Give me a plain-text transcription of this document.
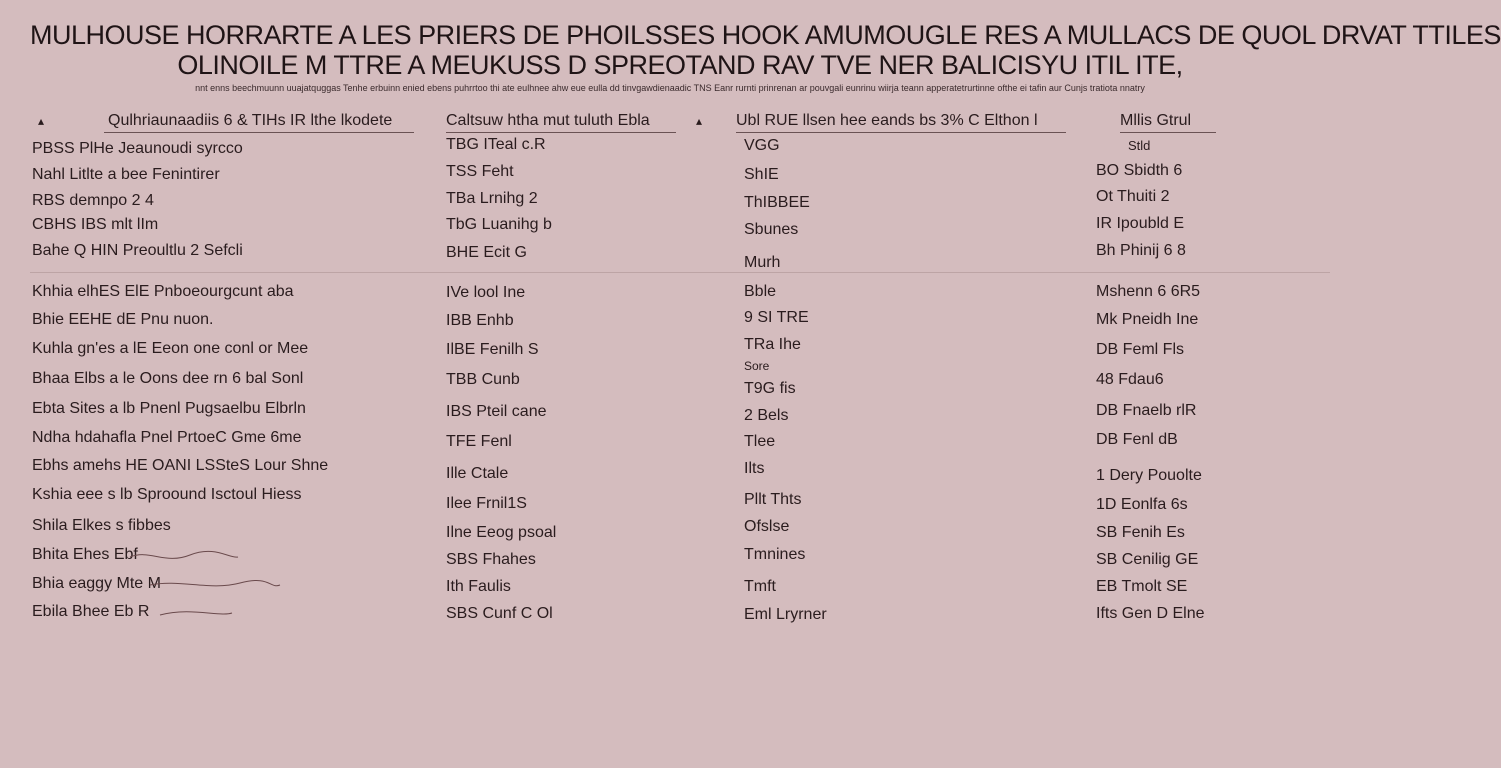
MULHOUSE HORRARTE A LES PRIERS DE PHOILSSES HOOK AMUMOUGLE RES A MULLACS DE QUOL DRVAT TTILES
OLINOILE M TTRE A MEUKUSS D SPREOTAND RAV TVE NER BALICISYU ITIL ITE,
nnt enns beechmuunn uuajatquggas Tenhe erbuinn enied ebens puhrrtoo thi ate eulhnee ahw eue eulla dd tinvgawdienaadic TNS Eanr rurnti prinrenan ar pouvgali eunrinu wiirja teann apperatetrurtinne ofthe ei tafin aur Cunjs tratiota nnatry
▴	Qulhriaunaadiis 6 & TIHs IR lthe lkodete
PBSS PlHe Jeaunoudi syrcco
Nahl Litlte a bee Fenintirer
RBS demnpo 2 4
CBHS IBS mlt lIm
Bahe Q HIN Preoultlu 2 Sefcli
Khhia elhES ElE Pnboeourgcunt aba
Bhie EEHE dE Pnu nuon.
Kuhla gn'es a lE Eeon one conl or Mee
Bhaa Elbs a le Oons dee rn 6 bal Sonl
Ebta Sites a lb Pnenl Pugsaelbu Elbrln
Ndha hdahafla Pnel PrtoeC Gme 6me
Ebhs amehs HE OANI LSSteS Lour Shne
Kshia eee s lb Sproound Isctoul Hiess
Shila Elkes s fibbes
Bhita Ehes Ebf
Bhia eaggy Mte M
Ebila Bhee Eb R
Caltsuw htha mut tuluth Ebla
TBG ITeal c.R
TSS Feht
TBa Lrnihg 2
TbG Luanihg b
BHE Ecit G
IVe lool Ine
IBB Enhb
IlBE Fenilh S
TBB Cunb
IBS Pteil cane
TFE Fenl
Ille Ctale
Ilee Frnil1S
Ilne Eeog psoal
SBS Fhahes
Ith Faulis
SBS Cunf C Ol
▴ Ubl RUE llsen hee eands bs 3% C Elthon l
VGG
ShIE
ThIBBEE
Sbunes
Murh
Bble
9 SI TRE
TRa Ihe
Sore
T9G fis
2 Bels
Tlee
Ilts
Pllt Thts
Ofslse
Tmnines
Tmft
Eml Lryrner
Mllis Gtrul
Stld
BO Sbidth 6
Ot Thuiti 2
IR Ipoubld E
Bh Phinij 6 8
Mshenn 6 6R5
Mk Pneidh Ine
DB Feml Fls
48 Fdau6
DB Fnaelb rlR
DB Fenl dB
1 Dery Pouolte
1D Eonlfa 6s
SB Fenih Es
SB Cenilig GE
EB Tmolt SE
Ifts Gen D Elne
